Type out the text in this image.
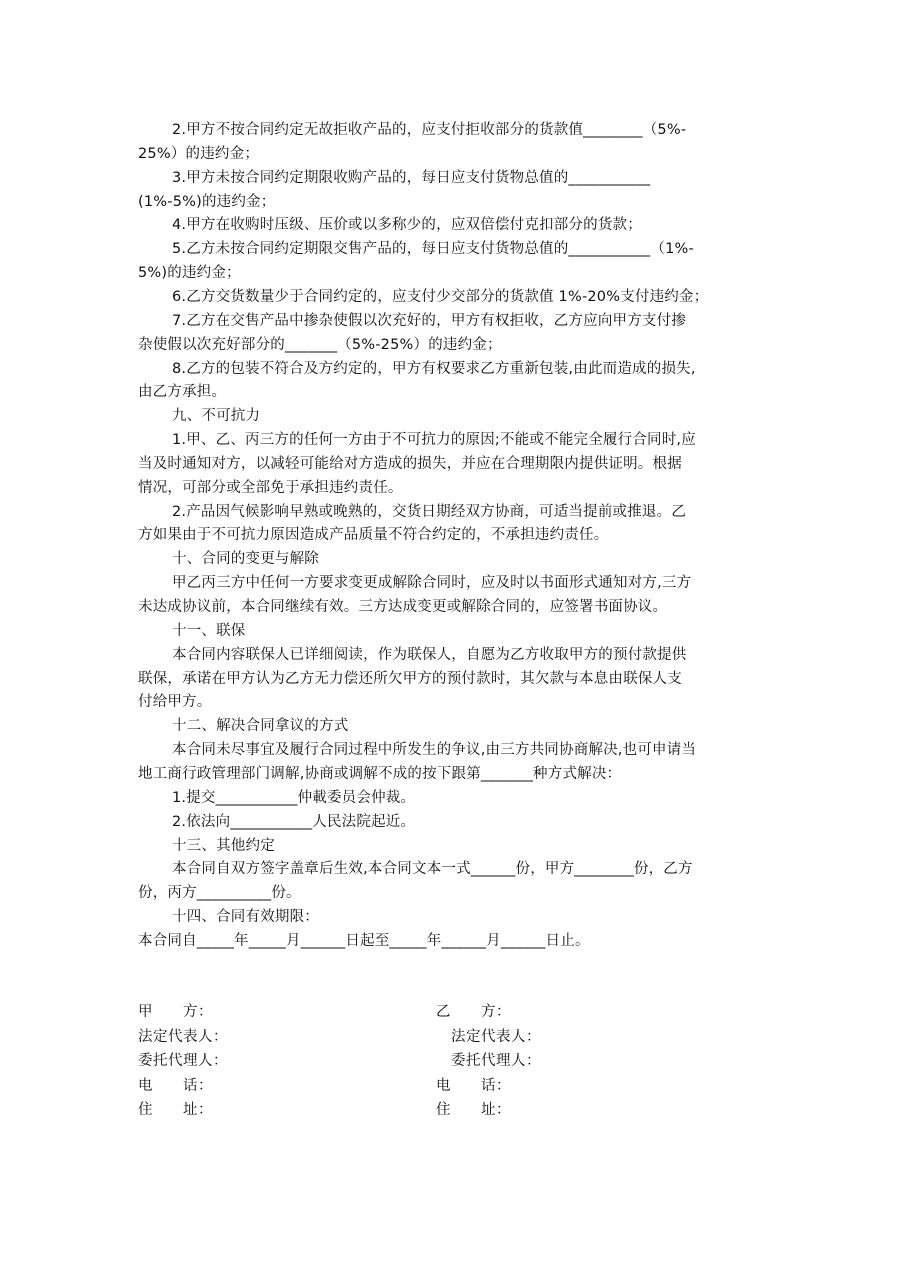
2.甲方不按合同约定无故拒收产品的，应支付拒收部分的货款值________（5%-
25%）的违约金；
3.甲方未按合同约定期限收购产品的，每日应支付货物总值的___________
(1%-5%)的违约金；
4.甲方在收购时压级、压价或以多称少的，应双倍偿付克扣部分的货款；
5.乙方未按合同约定期限交售产品的，每日应支付货物总值的___________（1%-
5%)的违约金；
6.乙方交货数量少于合同约定的，应支付少交部分的货款值 1%-20%支付违约金；
7.乙方在交售产品中掺杂使假以次充好的，甲方有权拒收，乙方应向甲方支付掺
杂使假以次充好部分的_______（5%-25%）的违约金；
8.乙方的包装不符合及方约定的，甲方有权要求乙方重新包装,由此而造成的损失,
由乙方承担。
九、不可抗力
1.甲、乙、丙三方的任何一方由于不可抗力的原因;不能或不能完全履行合同时,应
当及时通知对方，以减轻可能给对方造成的损失，并应在合理期限内提供证明。根据
情况，可部分或全部免于承担违约责任。
2.产品因气候影响早熟或晚熟的，交货日期经双方协商，可适当提前或推退。乙
方如果由于不可抗力原因造成产品质量不符合约定的，不承担违约责任。
十、合同的变更与解除
甲乙丙三方中任何一方要求变更成解除合同时，应及时以书面形式通知对方,三方
未达成协议前，本合同继续有效。三方达成变更或解除合同的，应签署书面协议。
十一、联保
本合同内容联保人已详细阅读，作为联保人，自愿为乙方收取甲方的预付款提供
联保，承诺在甲方认为乙方无力偿还所欠甲方的预付款时，其欠款与本息由联保人支
付给甲方。
十二、解决合同拿议的方式
本合同未尽事宜及履行合同过程中所发生的争议,由三方共同协商解决,也可申请当
地工商行政管理部门调解,协商或调解不成的按下跟第_______种方式解决：
1.提交___________仲載委员会仲裁。
2.依法向___________人民法院起近。
十三、其他约定
本合同自双方签字盖章后生效,本合同文本一式______份，甲方________份，乙方
份，丙方__________份。
十四、合同有效期限：
本合同自_____年_____月______日起至_____年______月______日止。
甲　　方：	乙　　方：
法定代表人：	　法定代表人：
委托代理人：	　委托代理人：
电　　话：	电　　话：
住　　址：	住　　址：
